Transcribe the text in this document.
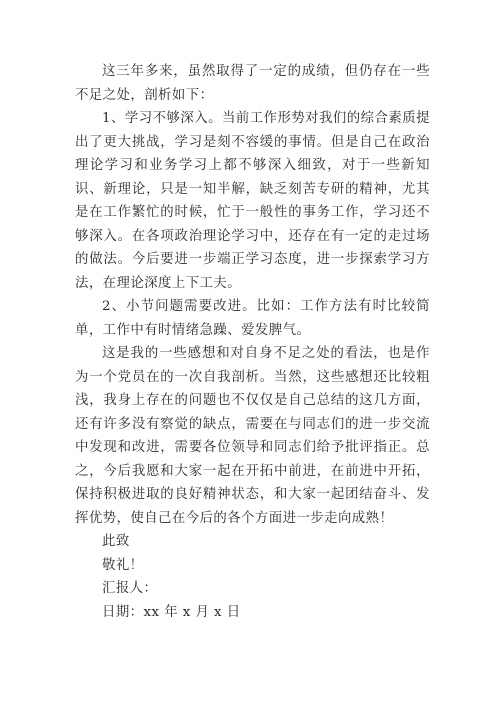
这三年多来，虽然取得了一定的成绩，但仍存在一些不足之处，剖析如下：

1、学习不够深入。当前工作形势对我们的综合素质提出了更大挑战，学习是刻不容缓的事情。但是自己在政治理论学习和业务学习上都不够深入细致，对于一些新知识、新理论，只是一知半解，缺乏刻苦专研的精神，尤其是在工作繁忙的时候，忙于一般性的事务工作，学习还不够深入。在各项政治理论学习中，还存在有一定的走过场的做法。今后要进一步端正学习态度，进一步探索学习方法，在理论深度上下工夫。

2、小节问题需要改进。比如：工作方法有时比较简单，工作中有时情绪急躁、爱发脾气。

这是我的一些感想和对自身不足之处的看法，也是作为一个党员在的一次自我剖析。当然，这些感想还比较粗浅，我身上存在的问题也不仅仅是自己总结的这几方面，还有许多没有察觉的缺点，需要在与同志们的进一步交流中发现和改进，需要各位领导和同志们给予批评指正。总之，今后我愿和大家一起在开拓中前进，在前进中开拓，保持积极进取的良好精神状态，和大家一起团结奋斗、发挥优势，使自己在今后的各个方面进一步走向成熟！

此致

敬礼！

汇报人：

日期：xx 年 x 月 x 日
